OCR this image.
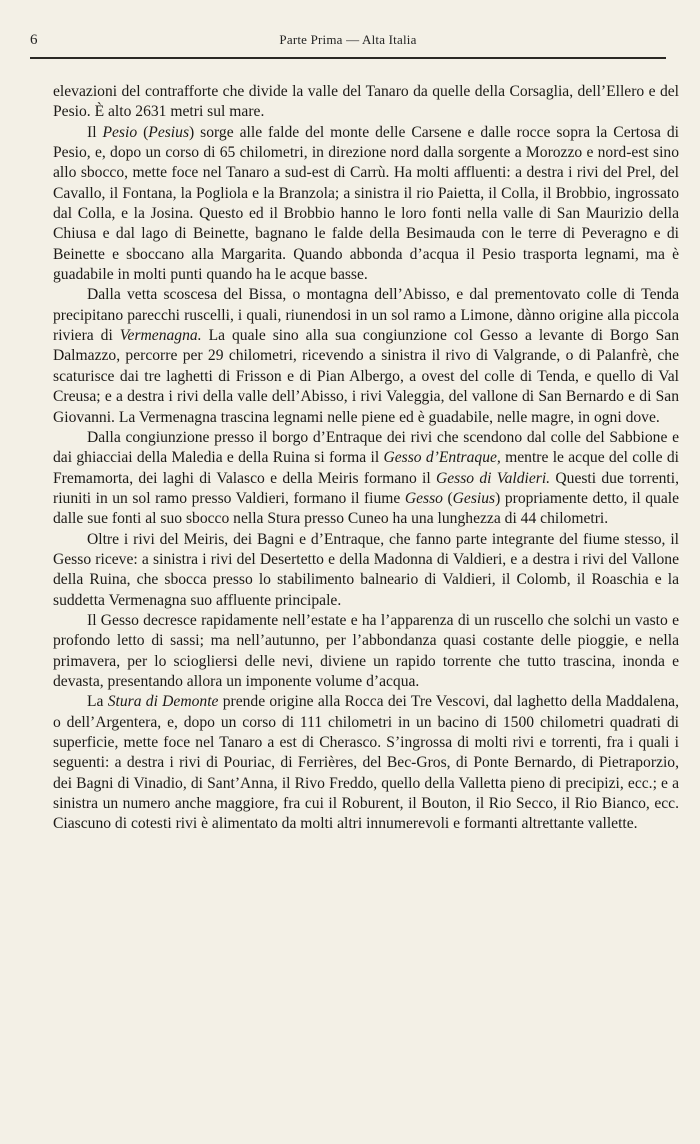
6	Parte Prima — Alta Italia

elevazioni del contrafforte che divide la valle del Tanaro da quelle della Corsaglia, dell’Ellero e del Pesio. È alto 2631 metri sul mare.

Il Pesio (Pesius) sorge alle falde del monte delle Carsene e dalle rocce sopra la Certosa di Pesio, e, dopo un corso di 65 chilometri, in direzione nord dalla sorgente a Morozzo e nord-est sino allo sbocco, mette foce nel Tanaro a sud-est di Carrù. Ha molti affluenti: a destra i rivi del Prel, del Cavallo, il Fontana, la Pogliola e la Branzola; a sinistra il rio Paietta, il Colla, il Brobbio, ingrossato dal Colla, e la Josina. Questo ed il Brobbio hanno le loro fonti nella valle di San Maurizio della Chiusa e dal lago di Beinette, bagnano le falde della Besimauda con le terre di Peveragno e di Beinette e sboccano alla Margarita. Quando abbonda d’acqua il Pesio trasporta legnami, ma è guadabile in molti punti quando ha le acque basse.

Dalla vetta scoscesa del Bissa, o montagna dell’Abisso, e dal prementovato colle di Tenda precipitano parecchi ruscelli, i quali, riunendosi in un sol ramo a Limone, dànno origine alla piccola riviera di Vermenagna. La quale sino alla sua congiunzione col Gesso a levante di Borgo San Dalmazzo, percorre per 29 chilometri, ricevendo a sinistra il rivo di Valgrande, o di Palanfrè, che scaturisce dai tre laghetti di Frisson e di Pian Albergo, a ovest del colle di Tenda, e quello di Val Creusa; e a destra i rivi della valle dell’Abisso, i rivi Valeggia, del vallone di San Bernardo e di San Giovanni. La Vermenagna trascina legnami nelle piene ed è guadabile, nelle magre, in ogni dove.

Dalla congiunzione presso il borgo d’Entraque dei rivi che scendono dal colle del Sabbione e dai ghiacciai della Maledia e della Ruina si forma il Gesso d’Entraque, mentre le acque del colle di Fremamorta, dei laghi di Valasco e della Meiris formano il Gesso di Valdieri. Questi due torrenti, riuniti in un sol ramo presso Valdieri, formano il fiume Gesso (Gesius) propriamente detto, il quale dalle sue fonti al suo sbocco nella Stura presso Cuneo ha una lunghezza di 44 chilometri.

Oltre i rivi del Meiris, dei Bagni e d’Entraque, che fanno parte integrante del fiume stesso, il Gesso riceve: a sinistra i rivi del Desertetto e della Madonna di Valdieri, e a destra i rivi del Vallone della Ruina, che sbocca presso lo stabilimento balneario di Valdieri, il Colomb, il Roaschia e la suddetta Vermenagna suo affluente principale.

Il Gesso decresce rapidamente nell’estate e ha l’apparenza di un ruscello che solchi un vasto e profondo letto di sassi; ma nell’autunno, per l’abbondanza quasi costante delle pioggie, e nella primavera, per lo sciogliersi delle nevi, diviene un rapido torrente che tutto trascina, inonda e devasta, presentando allora un imponente volume d’acqua.

La Stura di Demonte prende origine alla Rocca dei Tre Vescovi, dal laghetto della Maddalena, o dell’Argentera, e, dopo un corso di 111 chilometri in un bacino di 1500 chilometri quadrati di superficie, mette foce nel Tanaro a est di Cherasco. S’ingrossa di molti rivi e torrenti, fra i quali i seguenti: a destra i rivi di Pouriac, di Ferrières, del Bec-Gros, di Ponte Bernardo, di Pietraporzio, dei Bagni di Vinadio, di Sant’Anna, il Rivo Freddo, quello della Valletta pieno di precipizi, ecc.; e a sinistra un numero anche maggiore, fra cui il Roburent, il Bouton, il Rio Secco, il Rio Bianco, ecc. Ciascuno di cotesti rivi è alimentato da molti altri innumerevoli e formanti altrettante vallette.
